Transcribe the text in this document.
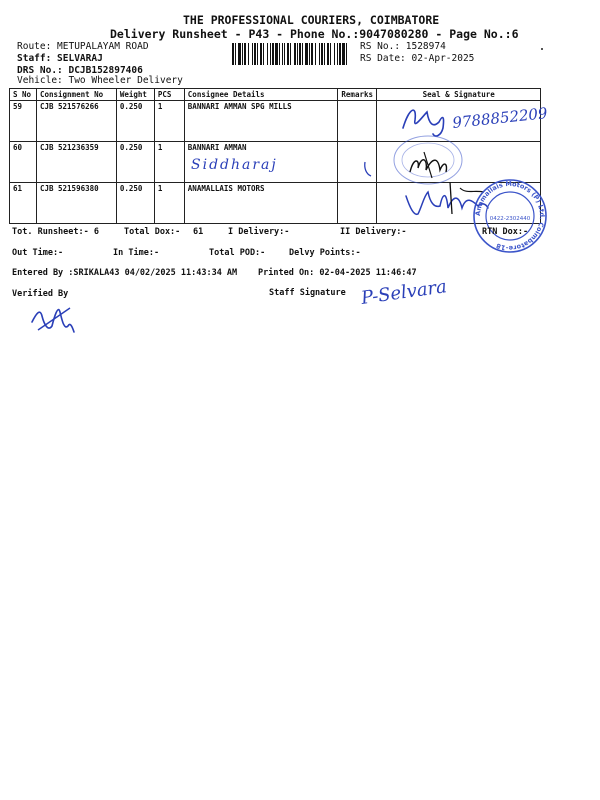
THE PROFESSIONAL COURIERS, COIMBATORE
Delivery Runsheet - P43 - Phone No.:9047080280 - Page No.:6
Route: METUPALAYAM ROAD
Staff: SELVARAJ
DRS No.: DCJB152897406
Vehicle: Two Wheeler Delivery
RS No.: 1528974
RS Date: 02-Apr-2025
S No	Consignment No	Weight	PCS	Consignee Details	Remarks	Seal & Signature
59	CJB 521576266	0.250	1	BANNARI AMMAN SPG MILLS		
60	CJB 521236359	0.250	1	BANNARI AMMAN		
61	CJB 521596380	0.250	1	ANAMALLAIS MOTORS		
9788852209
Siddharaj
Anamallais Motors (P) Ltd. Coimbatore-18
0422-2302440
Tot. Runsheet:- 6	Total Dox:- 61	I Delivery:-	II Delivery:-	RTN Dox:-
Out Time:-	In Time:-	Total POD:-	Delvy Points:-
Entered By :SRIKALA43 04/02/2025 11:43:34 AM Printed On: 02-04-2025 11:46:47
Verified By	Staff Signature P-Selvara
